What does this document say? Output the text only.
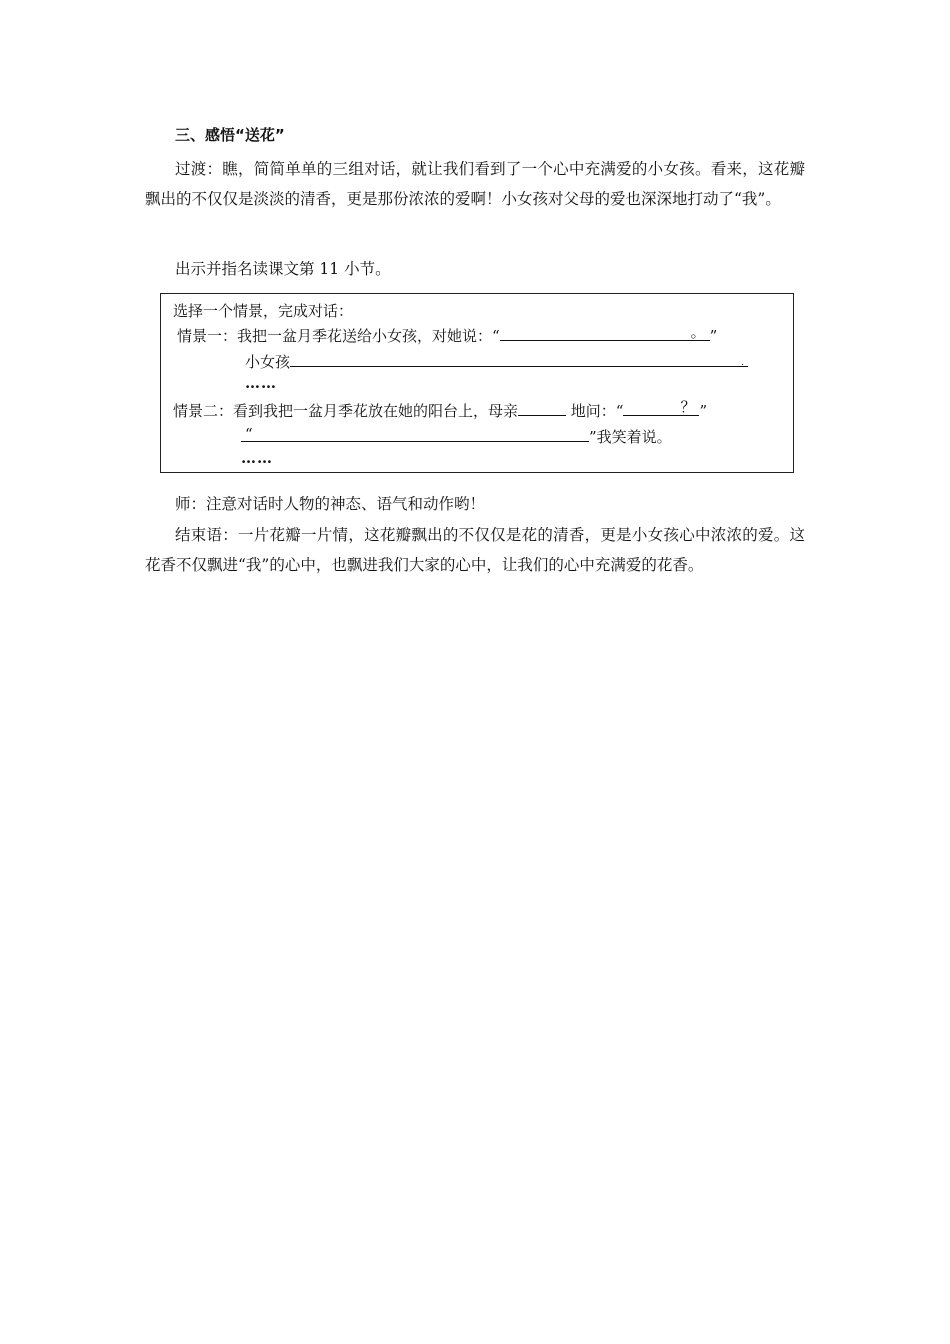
三、感悟“送花”

过渡：瞧，简简单单的三组对话，就让我们看到了一个心中充满爱的小女孩。看来，这花瓣飘出的不仅仅是淡淡的清香，更是那份浓浓的爱啊！小女孩对父母的爱也深深地打动了“我”。

出示并指名读课文第 11 小节。

选择一个情景，完成对话：
情景一：我把一盆月季花送给小女孩，对她说：“	。 ”
小女孩	.
……
情景二：看到我把一盆月季花放在她的阳台上，母亲	地问：“	？ ”
“	”我笑着说。
……

师：注意对话时人物的神态、语气和动作哟！

结束语：一片花瓣一片情，这花瓣飘出的不仅仅是花的清香，更是小女孩心中浓浓的爱。这花香不仅飘进“我”的心中，也飘进我们大家的心中，让我们的心中充满爱的花香。
